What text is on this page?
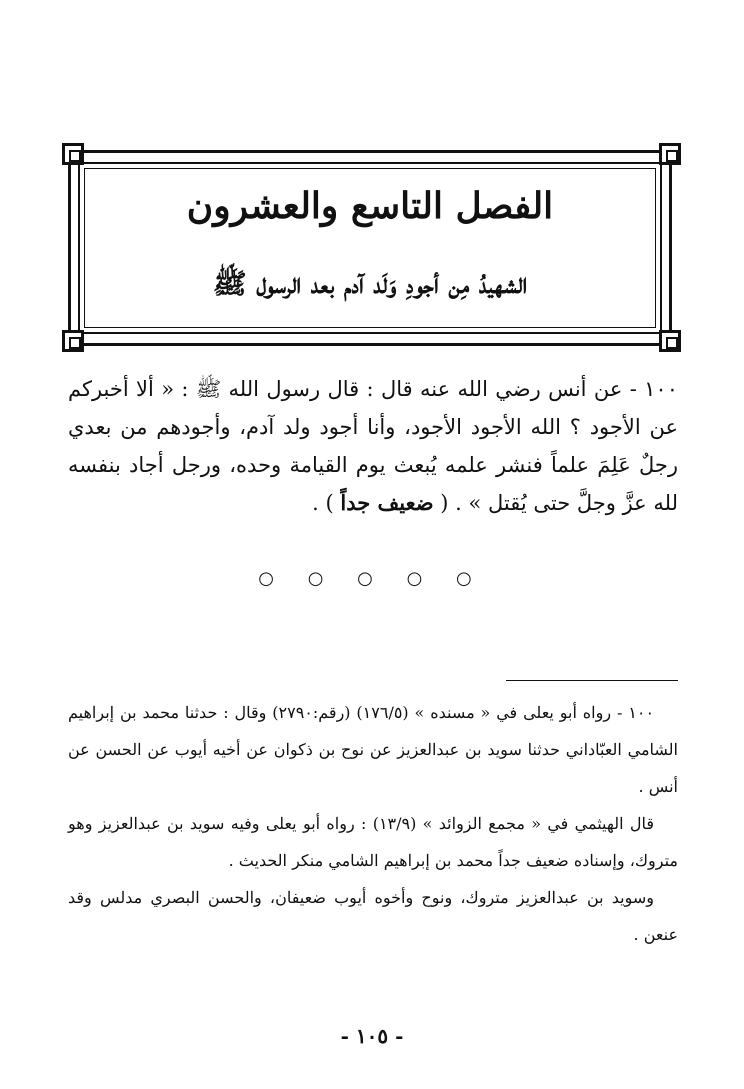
الفصل التاسع والعشرون
الشهيدُ مِن أجودِ وَلَد آدم بعد الرسول ﷺ
١٠٠ - عن أنس رضي الله عنه قال : قال رسول الله ﷺ : « ألا أخبركم عن الأجود ؟ الله الأجود الأجود، وأنا أجود ولد آدم، وأجودهم من بعدي رجلٌ عَلِمَ علماً فنشر علمه يُبعث يوم القيامة وحده، ورجل أجاد بنفسه لله عزَّ وجلَّ حتى يُقتل » . ( ضعيف جداً ) .
○ ○ ○ ○ ○

١٠٠ - رواه أبو يعلى في « مسنده » (١٧٦/٥) (رقم:٢٧٩٠) وقال : حدثنا محمد بن إبراهيم الشامي العبّاداني حدثنا سويد بن عبدالعزيز عن نوح بن ذكوان عن أخيه أيوب عن الحسن عن أنس .

قال الهيثمي في « مجمع الزوائد » (١٣/٩) : رواه أبو يعلى وفيه سويد بن عبدالعزيز وهو متروك، وإسناده ضعيف جداً محمد بن إبراهيم الشامي منكر الحديث .

وسويد بن عبدالعزيز متروك، ونوح وأخوه أيوب ضعيفان، والحسن البصري مدلس وقد عنعن .

- ١٠٥ -
